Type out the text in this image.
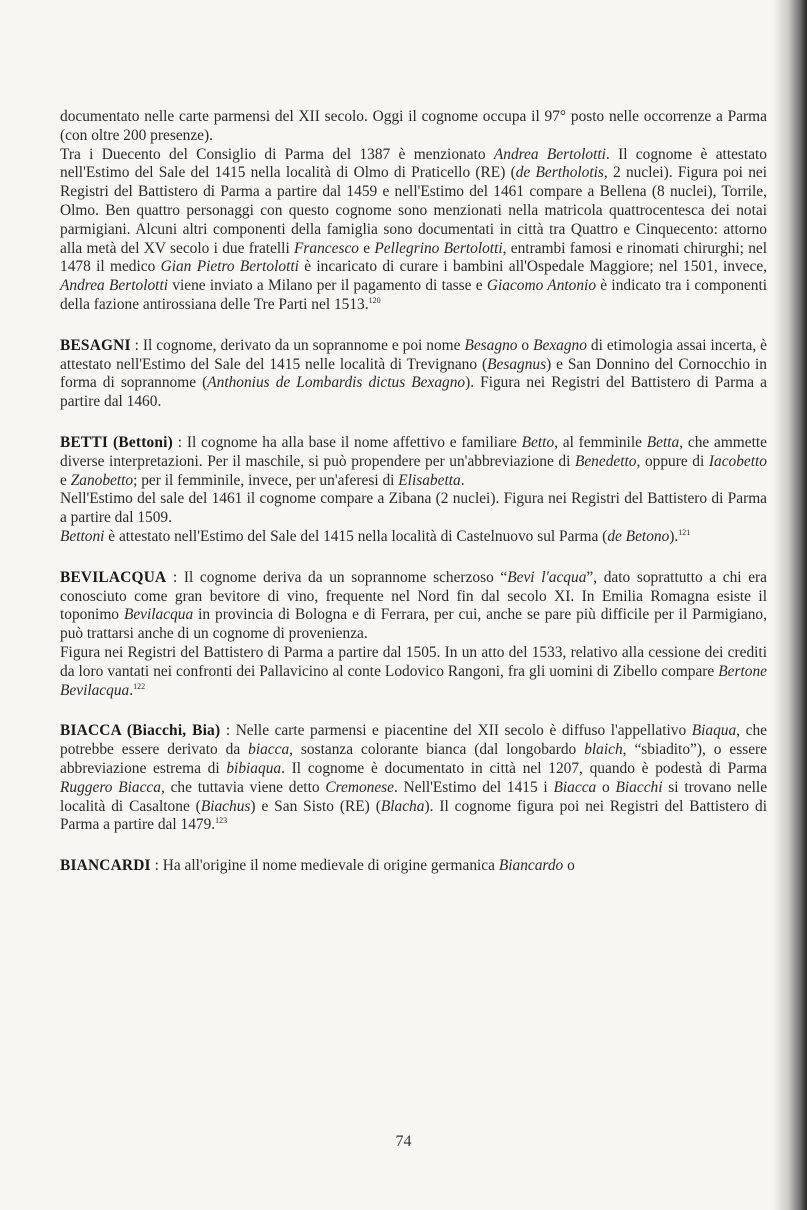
documentato nelle carte parmensi del XII secolo. Oggi il cognome occupa il 97° posto nelle occorrenze a Parma (con oltre 200 presenze).

Tra i Duecento del Consiglio di Parma del 1387 è menzionato Andrea Bertolotti. Il cognome è attestato nell'Estimo del Sale del 1415 nella località di Olmo di Praticello (RE) (de Bertholotis, 2 nuclei). Figura poi nei Registri del Battistero di Parma a partire dal 1459 e nell'Estimo del 1461 compare a Bellena (8 nuclei), Torrile, Olmo. Ben quattro personaggi con questo cognome sono menzionati nella matricola quattrocentesca dei notai parmigiani. Alcuni altri componenti della famiglia sono documentati in città tra Quattro e Cinquecento: attorno alla metà del XV secolo i due fratelli Francesco e Pellegrino Bertolotti, entrambi famosi e rinomati chirurghi; nel 1478 il medico Gian Pietro Bertolotti è incaricato di curare i bambini all'Ospedale Maggiore; nel 1501, invece, Andrea Bertolotti viene inviato a Milano per il pagamento di tasse e Giacomo Antonio è indicato tra i componenti della fazione antirossiana delle Tre Parti nel 1513.$^{120}$

BESAGNI : Il cognome, derivato da un soprannome e poi nome Besagno o Bexagno di etimologia assai incerta, è attestato nell'Estimo del Sale del 1415 nelle località di Trevignano (Besagnus) e San Donnino del Cornocchio in forma di soprannome (Anthonius de Lombardis dictus Bexagno). Figura nei Registri del Battistero di Parma a partire dal 1460.

BETTI (Bettoni) : Il cognome ha alla base il nome affettivo e familiare Betto, al femminile Betta, che ammette diverse interpretazioni. Per il maschile, si può propendere per un'abbreviazione di Benedetto, oppure di Iacobetto e Zanobetto; per il femminile, invece, per un'aferesi di Elisabetta.

Nell'Estimo del sale del 1461 il cognome compare a Zibana (2 nuclei). Figura nei Registri del Battistero di Parma a partire dal 1509.

Bettoni è attestato nell'Estimo del Sale del 1415 nella località di Castelnuovo sul Parma (de Betono).$^{121}$

BEVILACQUA : Il cognome deriva da un soprannome scherzoso “Bevi l'acqua”, dato soprattutto a chi era conosciuto come gran bevitore di vino, frequente nel Nord fin dal secolo XI. In Emilia Romagna esiste il toponimo Bevilacqua in provincia di Bologna e di Ferrara, per cui, anche se pare più difficile per il Parmigiano, può trattarsi anche di un cognome di provenienza.

Figura nei Registri del Battistero di Parma a partire dal 1505. In un atto del 1533, relativo alla cessione dei crediti da loro vantati nei confronti dei Pallavicino al conte Lodovico Rangoni, fra gli uomini di Zibello compare Bertone Bevilacqua.$^{122}$

BIACCA (Biacchi, Bia) : Nelle carte parmensi e piacentine del XII secolo è diffuso l'appellativo Biaqua, che potrebbe essere derivato da biacca, sostanza colorante bianca (dal longobardo blaich, “sbiadito”), o essere abbreviazione estrema di bibiaqua. Il cognome è documentato in città nel 1207, quando è podestà di Parma Ruggero Biacca, che tuttavia viene detto Cremonese. Nell'Estimo del 1415 i Biacca o Biacchi si trovano nelle località di Casaltone (Biachus) e San Sisto (RE) (Blacha). Il cognome figura poi nei Registri del Battistero di Parma a partire dal 1479.$^{123}$

BIANCARDI : Ha all'origine il nome medievale di origine germanica Biancardo o

74
